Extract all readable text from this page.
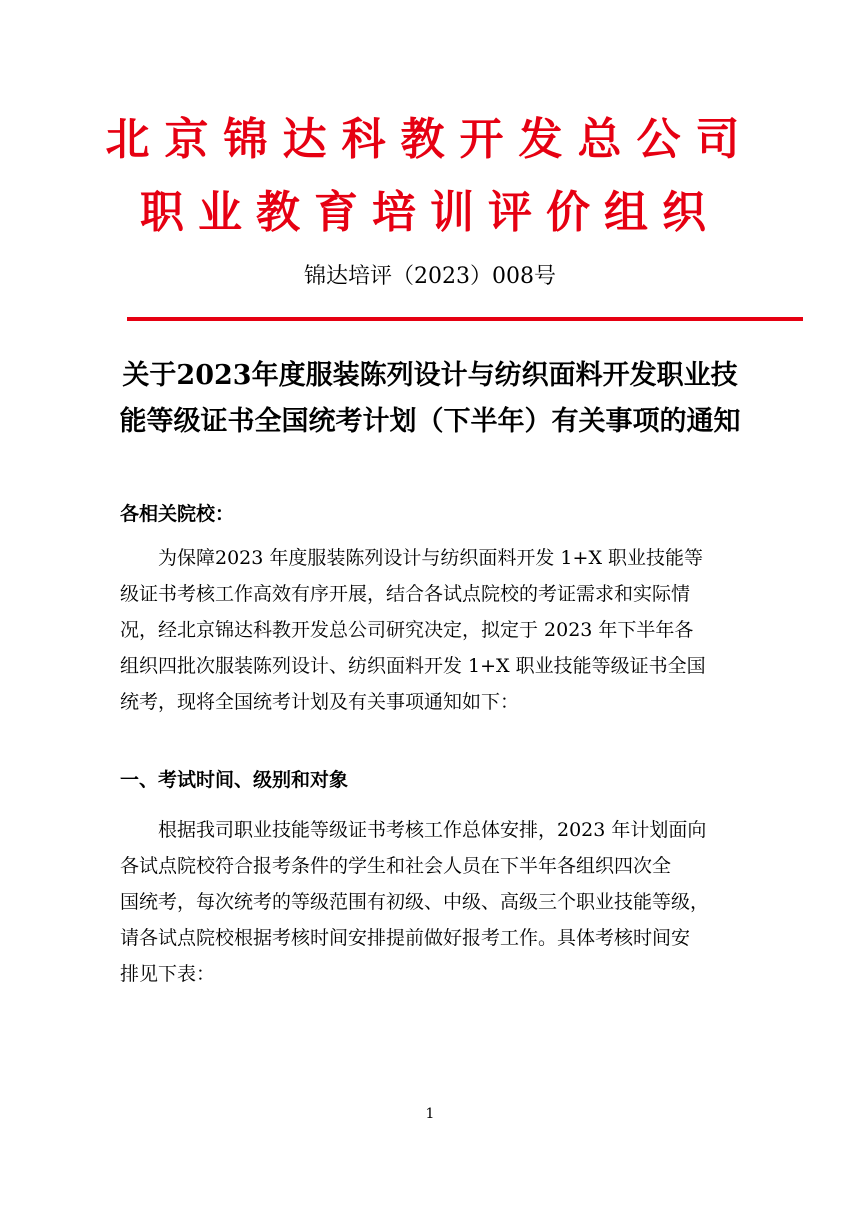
北京锦达科教开发总公司
职业教育培训评价组织
锦达培评（2023）008号
关于2023年度服装陈列设计与纺织面料开发职业技
能等级证书全国统考计划（下半年）有关事项的通知
各相关院校：

为保障2023 年度服装陈列设计与纺织面料开发 1+X 职业技能等

级证书考核工作高效有序开展，结合各试点院校的考证需求和实际情

况，经北京锦达科教开发总公司研究决定，拟定于 2023 年下半年各

组织四批次服装陈列设计、纺织面料开发 1+X 职业技能等级证书全国

统考，现将全国统考计划及有关事项通知如下：

一、考试时间、级别和对象

根据我司职业技能等级证书考核工作总体安排，2023 年计划面向

各试点院校符合报考条件的学生和社会人员在下半年各组织四次全

国统考，每次统考的等级范围有初级、中级、高级三个职业技能等级，

请各试点院校根据考核时间安排提前做好报考工作。具体考核时间安

排见下表：

1
